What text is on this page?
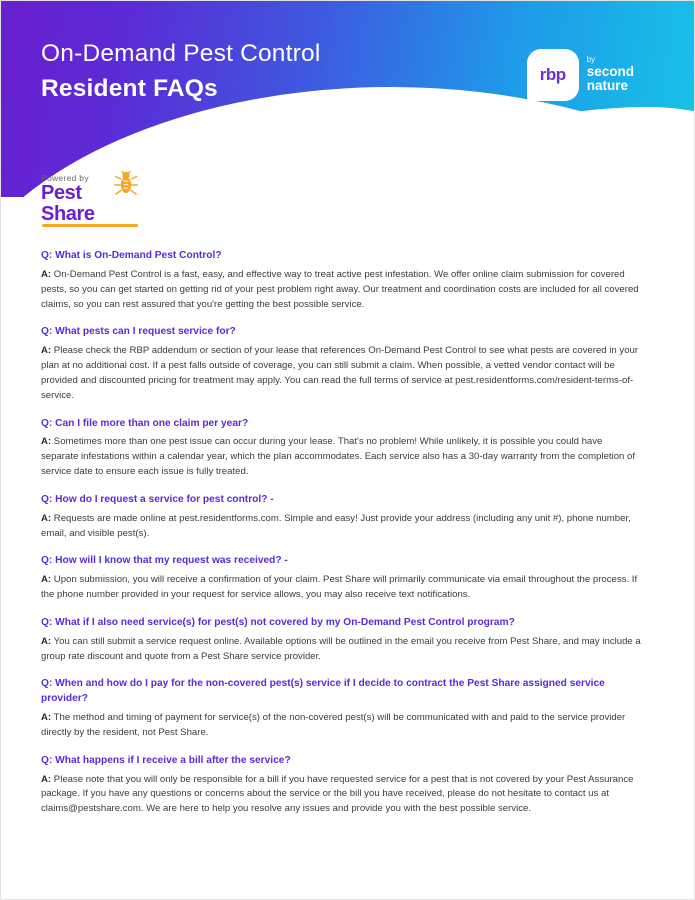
On-Demand Pest Control
Resident FAQs
rbp
by
second
nature
Powered by
Pest
Share
Q: What is On-Demand Pest Control?
A: On-Demand Pest Control is a fast, easy, and effective way to treat active pest infestation. We offer online claim submission for covered pests, so you can get started on getting rid of your pest problem right away. Our treatment and coordination costs are included for all covered claims, so you can rest assured that you're getting the best possible service.
Q: What pests can I request service for?
A: Please check the RBP addendum or section of your lease that references On-Demand Pest Control to see what pests are covered in your plan at no additional cost. If a pest falls outside of coverage, you can still submit a claim. When possible, a vetted vendor contact will be provided and discounted pricing for treatment may apply. You can read the full terms of service at pest.residentforms.com/resident-terms-of-service.
Q: Can I file more than one claim per year?
A: Sometimes more than one pest issue can occur during your lease. That's no problem! While unlikely, it is possible you could have separate infestations within a calendar year, which the plan accommodates. Each service also has a 30-day warranty from the completion of service date to ensure each issue is fully treated.
Q: How do I request a service for pest control? -
A: Requests are made online at pest.residentforms.com. Simple and easy! Just provide your address (including any unit #), phone number, email, and visible pest(s).
Q: How will I know that my request was received? -
A: Upon submission, you will receive a confirmation of your claim. Pest Share will primarily communicate via email throughout the process. If the phone number provided in your request for service allows, you may also receive text notifications.
Q: What if I also need service(s) for pest(s) not covered by my On-Demand Pest Control program?
A: You can still submit a service request online. Available options will be outlined in the email you receive from Pest Share, and may include a group rate discount and quote from a Pest Share service provider.
Q: When and how do I pay for the non-covered pest(s) service if I decide to contract the Pest Share assigned service provider?
A: The method and timing of payment for service(s) of the non-covered pest(s) will be communicated with and paid to the service provider directly by the resident, not Pest Share.
Q: What happens if I receive a bill after the service?
A: Please note that you will only be responsible for a bill if you have requested service for a pest that is not covered by your Pest Assurance package. If you have any questions or concerns about the service or the bill you have received, please do not hesitate to contact us at claims@pestshare.com. We are here to help you resolve any issues and provide you with the best possible service.
